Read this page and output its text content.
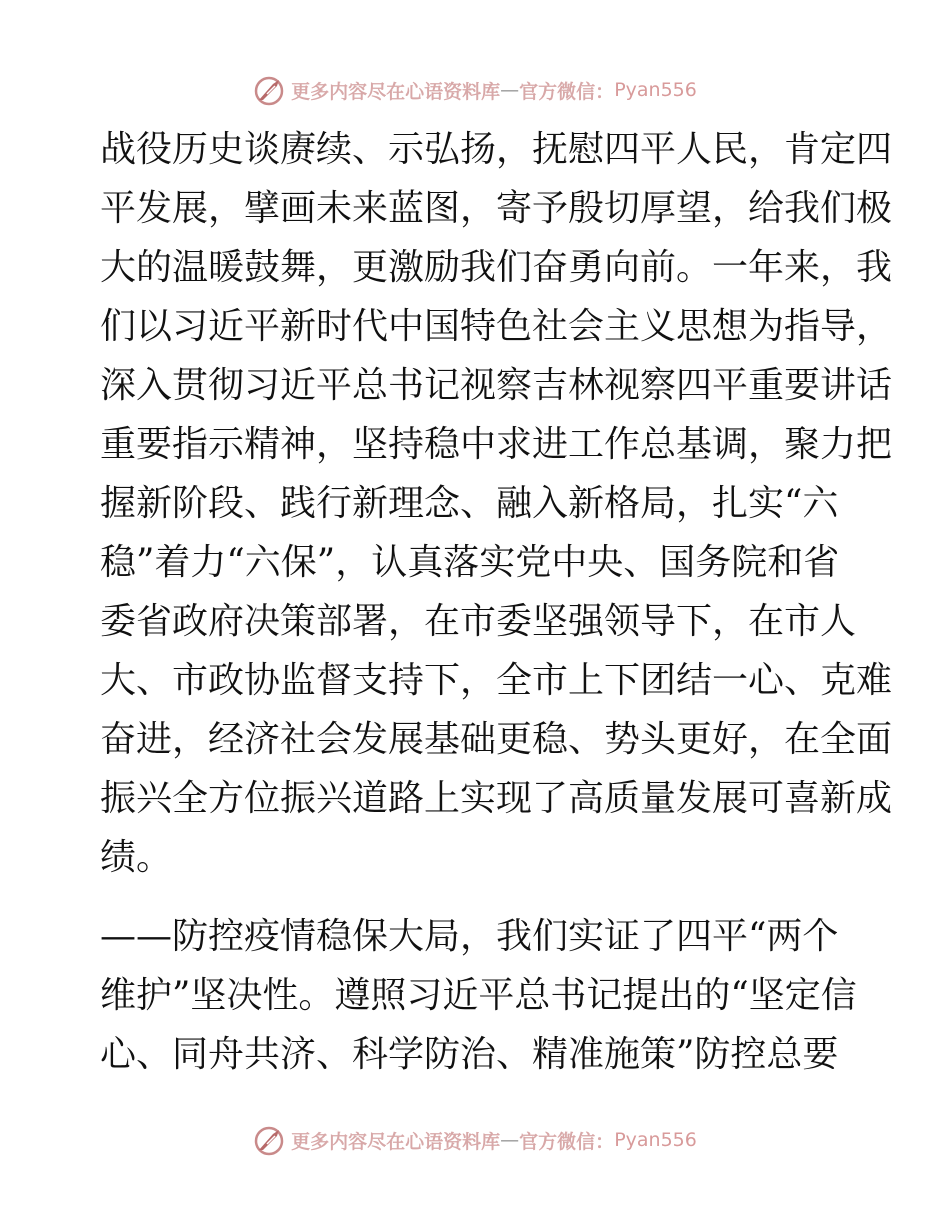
更多内容尽在心语资料库 — 官方微信： Pyan556
战役历史谈赓续、示弘扬，抚慰四平人民，肯定四
平发展，擘画未来蓝图，寄予殷切厚望，给我们极
大的温暖鼓舞，更激励我们奋勇向前。一年来，我
们以习近平新时代中国特色社会主义思想为指导，
深入贯彻习近平总书记视察吉林视察四平重要讲话
重要指示精神，坚持稳中求进工作总基调，聚力把
握新阶段、践行新理念、融入新格局，扎实“六
稳”着力“六保”，认真落实党中央、国务院和省
委省政府决策部署，在市委坚强领导下，在市人
大、市政协监督支持下，全市上下团结一心、克难
奋进，经济社会发展基础更稳、势头更好，在全面
振兴全方位振兴道路上实现了高质量发展可喜新成
绩。
——防控疫情稳保大局，我们实证了四平“两个
维护”坚决性。遵照习近平总书记提出的“坚定信
心、同舟共济、科学防治、精准施策”防控总要
更多内容尽在心语资料库 — 官方微信： Pyan556
